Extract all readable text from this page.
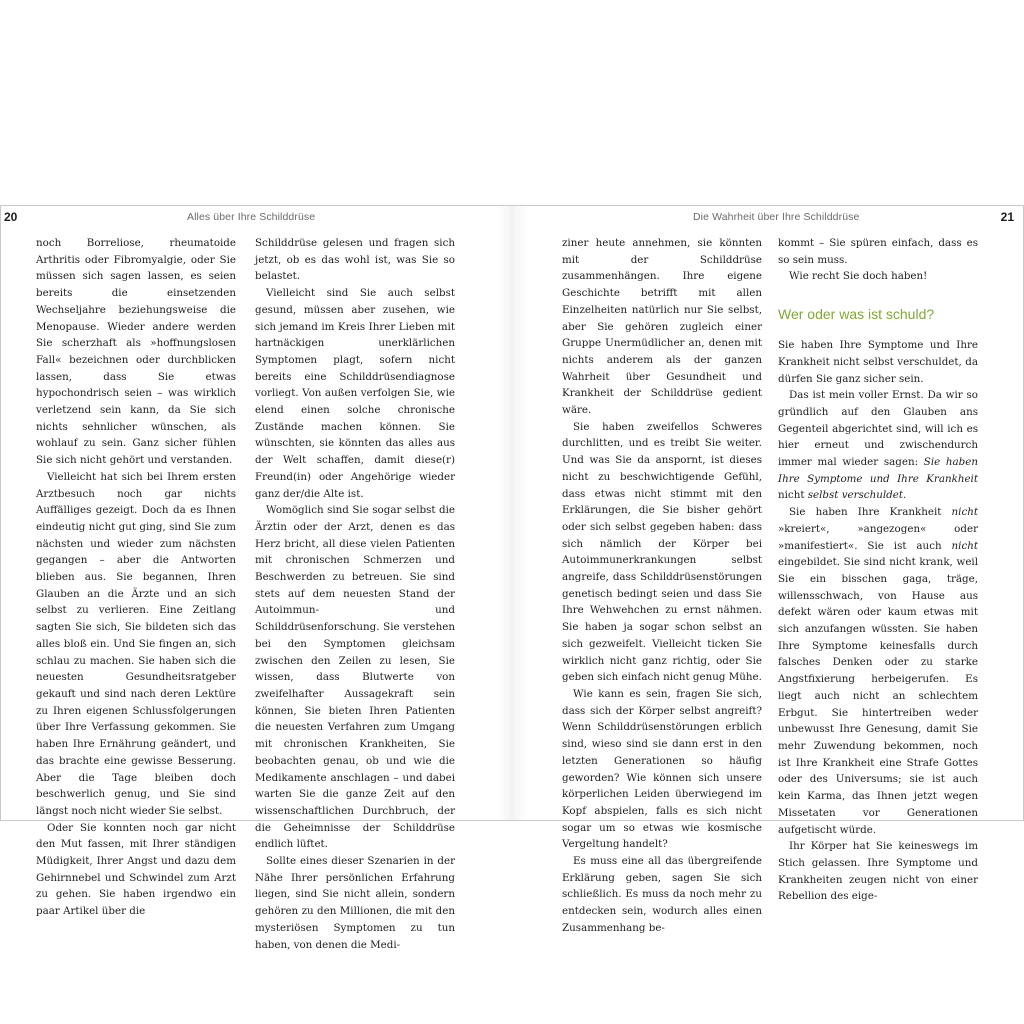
20	Alles über Ihre Schilddrüse	Die Wahrheit über Ihre Schilddrüse	21

noch Borreliose, rheumatoide Arthritis oder Fibromyalgie, oder Sie müssen sich sagen lassen, es seien bereits die einsetzenden Wechseljahre beziehungsweise die Menopause. Wieder andere werden Sie scherzhaft als »hoffnungslosen Fall« bezeichnen oder durchblicken lassen, dass Sie etwas hypochondrisch seien – was wirklich verletzend sein kann, da Sie sich nichts sehnlicher wünschen, als wohlauf zu sein. Ganz sicher fühlen Sie sich nicht gehört und verstanden.

Vielleicht hat sich bei Ihrem ersten Arztbesuch noch gar nichts Auffälliges gezeigt. Doch da es Ihnen eindeutig nicht gut ging, sind Sie zum nächsten und wieder zum nächsten gegangen – aber die Antworten blieben aus. Sie begannen, Ihren Glauben an die Ärzte und an sich selbst zu verlieren. Eine Zeitlang sagten Sie sich, Sie bildeten sich das alles bloß ein. Und Sie fingen an, sich schlau zu machen. Sie haben sich die neuesten Gesundheitsratgeber gekauft und sind nach deren Lektüre zu Ihren eigenen Schlussfolgerungen über Ihre Verfassung gekommen. Sie haben Ihre Ernährung geändert, und das brachte eine gewisse Besserung. Aber die Tage bleiben doch beschwerlich genug, und Sie sind längst noch nicht wieder Sie selbst.

Oder Sie konnten noch gar nicht den Mut fassen, mit Ihrer ständigen Müdigkeit, Ihrer Angst und dazu dem Gehirnnebel und Schwindel zum Arzt zu gehen. Sie haben irgendwo ein paar Artikel über die

Schilddrüse gelesen und fragen sich jetzt, ob es das wohl ist, was Sie so belastet.

Vielleicht sind Sie auch selbst gesund, müssen aber zusehen, wie sich jemand im Kreis Ihrer Lieben mit hartnäckigen unerklärlichen Symptomen plagt, sofern nicht bereits eine Schilddrüsendiagnose vorliegt. Von außen verfolgen Sie, wie elend einen solche chronische Zustände machen können. Sie wünschten, sie könnten das alles aus der Welt schaffen, damit diese(r) Freund(in) oder Angehörige wieder ganz der/die Alte ist.

Womöglich sind Sie sogar selbst die Ärztin oder der Arzt, denen es das Herz bricht, all diese vielen Patienten mit chronischen Schmerzen und Beschwerden zu betreuen. Sie sind stets auf dem neuesten Stand der Autoimmun- und Schilddrüsenforschung. Sie verstehen bei den Symptomen gleichsam zwischen den Zeilen zu lesen, Sie wissen, dass Blutwerte von zweifelhafter Aussagekraft sein können, Sie bieten Ihren Patienten die neuesten Verfahren zum Umgang mit chronischen Krankheiten, Sie beobachten genau, ob und wie die Medikamente anschlagen – und dabei warten Sie die ganze Zeit auf den wissenschaftlichen Durchbruch, der die Geheimnisse der Schilddrüse endlich lüftet.

Sollte eines dieser Szenarien in der Nähe Ihrer persönlichen Erfahrung liegen, sind Sie nicht allein, sondern gehören zu den Millionen, die mit den mysteriösen Symptomen zu tun haben, von denen die Medi-

ziner heute annehmen, sie könnten mit der Schilddrüse zusammenhängen. Ihre eigene Geschichte betrifft mit allen Einzelheiten natürlich nur Sie selbst, aber Sie gehören zugleich einer Gruppe Unermüdlicher an, denen mit nichts anderem als der ganzen Wahrheit über Gesundheit und Krankheit der Schilddrüse gedient wäre.

Sie haben zweifellos Schweres durchlitten, und es treibt Sie weiter. Und was Sie da anspornt, ist dieses nicht zu beschwichtigende Gefühl, dass etwas nicht stimmt mit den Erklärungen, die Sie bisher gehört oder sich selbst gegeben haben: dass sich nämlich der Körper bei Autoimmunerkrankungen selbst angreife, dass Schilddrüsenstörungen genetisch bedingt seien und dass Sie Ihre Wehwehchen zu ernst nähmen. Sie haben ja sogar schon selbst an sich gezweifelt. Vielleicht ticken Sie wirklich nicht ganz richtig, oder Sie geben sich einfach nicht genug Mühe.

Wie kann es sein, fragen Sie sich, dass sich der Körper selbst angreift? Wenn Schilddrüsenstörungen erblich sind, wieso sind sie dann erst in den letzten Generationen so häufig geworden? Wie können sich unsere körperlichen Leiden überwiegend im Kopf abspielen, falls es sich nicht sogar um so etwas wie kosmische Vergeltung handelt?

Es muss eine all das übergreifende Erklärung geben, sagen Sie sich schließlich. Es muss da noch mehr zu entdecken sein, wodurch alles einen Zusammenhang be-

kommt – Sie spüren einfach, dass es so sein muss.

Wie recht Sie doch haben!

Wer oder was ist schuld?

Sie haben Ihre Symptome und Ihre Krankheit nicht selbst verschuldet, da dürfen Sie ganz sicher sein.

Das ist mein voller Ernst. Da wir so gründlich auf den Glauben ans Gegenteil abgerichtet sind, will ich es hier erneut und zwischendurch immer mal wieder sagen: Sie haben Ihre Symptome und Ihre Krankheit nicht selbst verschuldet.

Sie haben Ihre Krankheit nicht »kreiert«, »angezogen« oder »manifestiert«. Sie ist auch nicht eingebildet. Sie sind nicht krank, weil Sie ein bisschen gaga, träge, willensschwach, von Hause aus defekt wären oder kaum etwas mit sich anzufangen wüssten. Sie haben Ihre Symptome keinesfalls durch falsches Denken oder zu starke Angstfixierung herbeigerufen. Es liegt auch nicht an schlechtem Erbgut. Sie hintertreiben weder unbewusst Ihre Genesung, damit Sie mehr Zuwendung bekommen, noch ist Ihre Krankheit eine Strafe Gottes oder des Universums; sie ist auch kein Karma, das Ihnen jetzt wegen Missetaten vor Generationen aufgetischt würde.

Ihr Körper hat Sie keineswegs im Stich gelassen. Ihre Symptome und Krankheiten zeugen nicht von einer Rebellion des eige-
